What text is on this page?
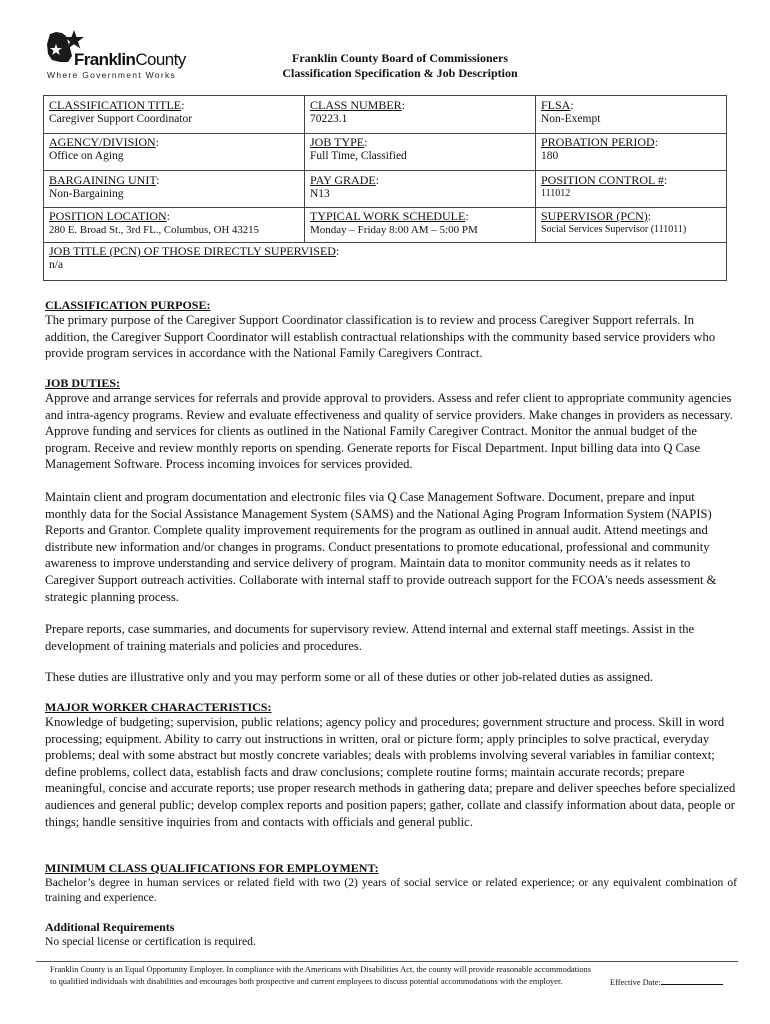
FranklinCounty
Where Government Works
Franklin County Board of Commissioners
Classification Specification & Job Description
CLASSIFICATION TITLE:
Caregiver Support Coordinator
CLASS NUMBER:
70223.1
FLSA:
Non-Exempt
AGENCY/DIVISION:
Office on Aging
JOB TYPE:
Full Time, Classified
PROBATION PERIOD:
180
BARGAINING UNIT:
Non-Bargaining
PAY GRADE:
N13
POSITION CONTROL #:
111012
POSITION LOCATION:
280 E. Broad St., 3rd FL., Columbus, OH 43215
TYPICAL WORK SCHEDULE:
Monday – Friday 8:00 AM – 5:00 PM
SUPERVISOR (PCN):
Social Services Supervisor (111011)
JOB TITLE (PCN) OF THOSE DIRECTLY SUPERVISED:
n/a
CLASSIFICATION PURPOSE:
The primary purpose of the Caregiver Support Coordinator classification is to review and process Caregiver Support referrals. In addition, the Caregiver Support Coordinator will establish contractual relationships with the community based service providers who provide program services in accordance with the National Family Caregivers Contract.
JOB DUTIES:
Approve and arrange services for referrals and provide approval to providers. Assess and refer client to appropriate community agencies and intra-agency programs. Review and evaluate effectiveness and quality of service providers. Make changes in providers as necessary. Approve funding and services for clients as outlined in the National Family Caregiver Contract. Monitor the annual budget of the program. Receive and review monthly reports on spending. Generate reports for Fiscal Department. Input billing data into Q Case Management Software. Process incoming invoices for services provided.
Maintain client and program documentation and electronic files via Q Case Management Software. Document, prepare and input monthly data for the Social Assistance Management System (SAMS) and the National Aging Program Information System (NAPIS) Reports and Grantor. Complete quality improvement requirements for the program as outlined in annual audit. Attend meetings and distribute new information and/or changes in programs. Conduct presentations to promote educational, professional and community awareness to improve understanding and service delivery of program. Maintain data to monitor community needs as it relates to Caregiver Support outreach activities. Collaborate with internal staff to provide outreach support for the FCOA's needs assessment & strategic planning process.
Prepare reports, case summaries, and documents for supervisory review. Attend internal and external staff meetings. Assist in the development of training materials and policies and procedures.
These duties are illustrative only and you may perform some or all of these duties or other job-related duties as assigned.
MAJOR WORKER CHARACTERISTICS:
Knowledge of budgeting; supervision, public relations; agency policy and procedures; government structure and process. Skill in word processing; equipment. Ability to carry out instructions in written, oral or picture form; apply principles to solve practical, everyday problems; deal with some abstract but mostly concrete variables; deals with problems involving several variables in familiar context; define problems, collect data, establish facts and draw conclusions; complete routine forms; maintain accurate records; prepare meaningful, concise and accurate reports; use proper research methods in gathering data; prepare and deliver speeches before specialized audiences and general public; develop complex reports and position papers; gather, collate and classify information about data, people or things; handle sensitive inquiries from and contacts with officials and general public.
MINIMUM CLASS QUALIFICATIONS FOR EMPLOYMENT:
Bachelor’s degree in human services or related field with two (2) years of social service or related experience; or any equivalent combination of training and experience.
Additional Requirements
No special license or certification is required.
Franklin County is an Equal Opportunity Employer. In compliance with the Americans with Disabilities Act, the county will provide reasonable accommodations to qualified individuals with disabilities and encourages both prospective and current employees to discuss potential accommodations with the employer.	Effective Date:
